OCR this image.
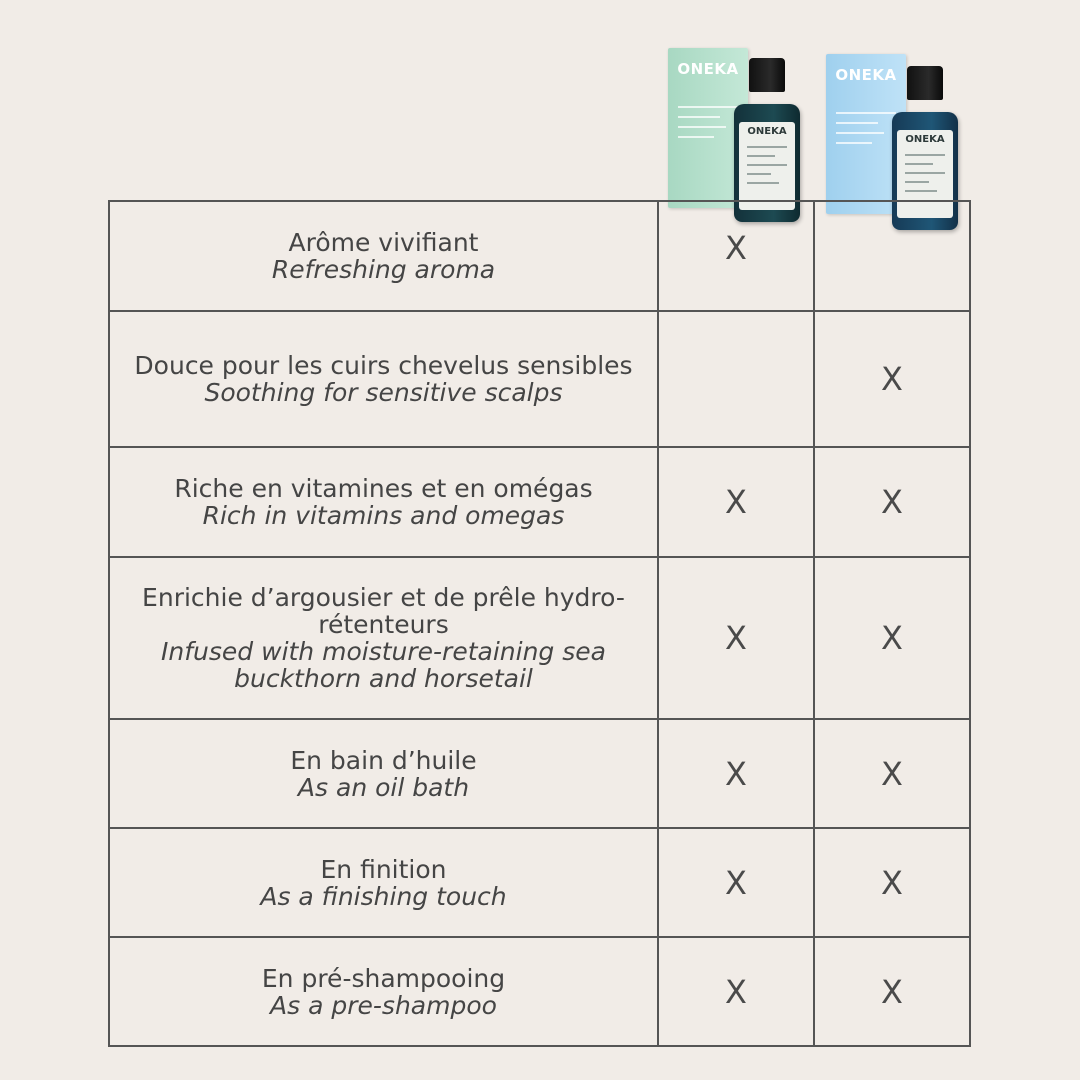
ONEKA
ONEKA
ONEKA
ONEKA
Arôme vivifiant
Refreshing aroma	X	

Douce pour les cuirs chevelus sensibles
Soothing for sensitive scalps		X

Riche en vitamines et en omégas
Rich in vitamins and omegas	X	X

Enrichie d’argousier et de prêle hydro-rétenteurs
Infused with moisture-retaining sea buckthorn and horsetail	X	X

En bain d’huile
As an oil bath	X	X

En finition
As a finishing touch	X	X

En pré-shampooing
As a pre-shampoo	X	X
